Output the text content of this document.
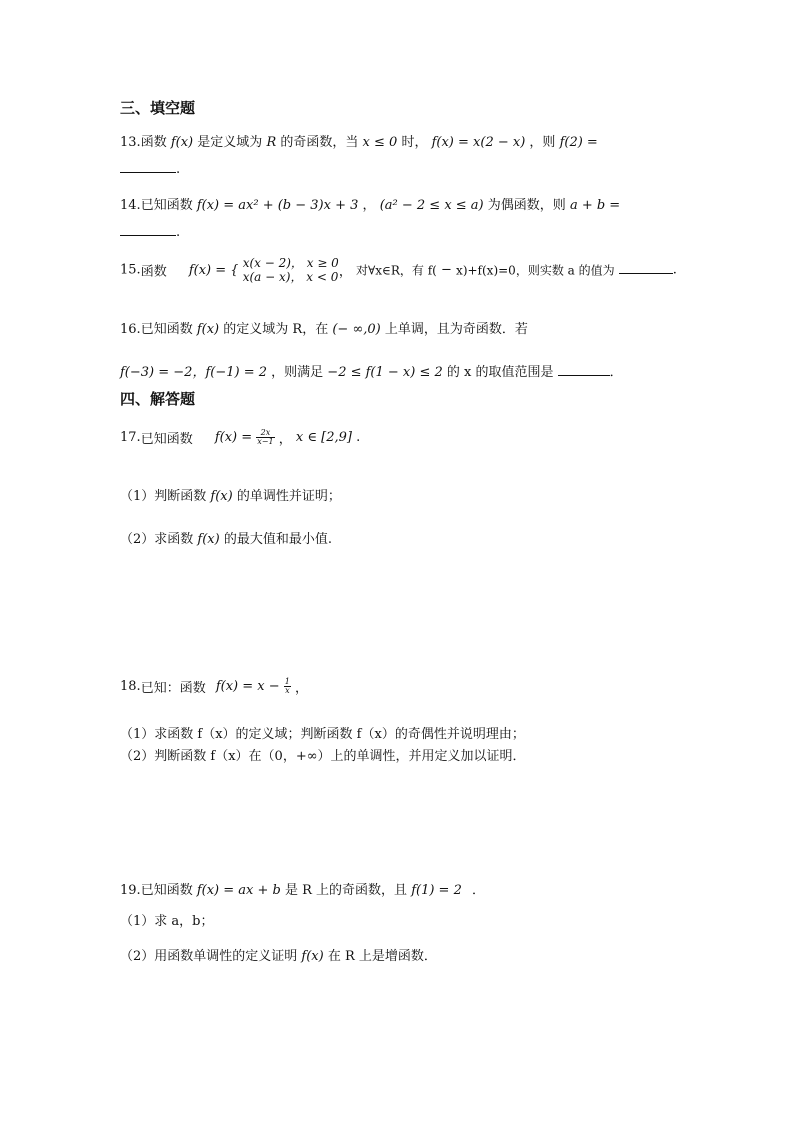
三、填空题
13.函数 f(x) 是定义域为 R 的奇函数，当 x ≤ 0 时， f(x) = x(2 − x) ，则 f(2) =
.
14.已知函数 f(x) = ax² + (b − 3)x + 3 ， (a² − 2 ≤ x ≤ a) 为偶函数，则 a + b =
.
15.函数 f(x) = { x(x − 2)， x ≥ 0
x(a − x)， x < 0 ， 对∀x∈R，有 f( − x)+f(x)=0，则实数 a 的值为	.
16.已知函数 f(x) 的定义域为 R，在 (− ∞,0) 上单调，且为奇函数．若
f(−3) = −2，f(−1) = 2 ，则满足 −2 ≤ f(1 − x) ≤ 2 的 x 的取值范围是	．
四、解答题
17.已知函数 $f(x) = \frac{2x}{x-1}$ ， x ∈ [2,9] .
（1）判断函数 f(x) 的单调性并证明；
（2）求函数 f(x) 的最大值和最小值.
18.已知：函数 $f(x) = x - \frac{1}{x}$ ，
（1）求函数 f（x）的定义域；判断函数 f（x）的奇偶性并说明理由；
（2）判断函数 f（x）在（0，+∞）上的单调性，并用定义加以证明．
19.已知函数 f(x) = ax + b 是 R 上的奇函数，且 f(1) = 2 ．
（1）求 a，b；
（2）用函数单调性的定义证明 f(x) 在 R 上是增函数．
